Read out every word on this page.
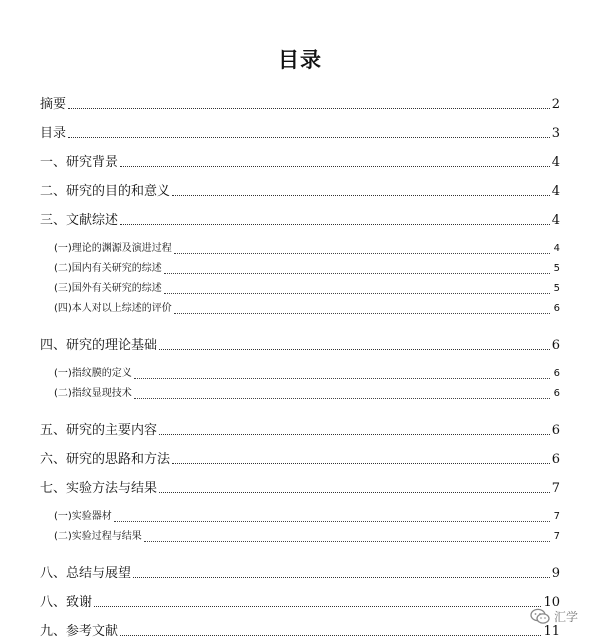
目录
摘要	2
目录	3
一、研究背景	4
二、研究的目的和意义	4
三、文献综述	4
(一)理论的渊源及演进过程	4
(二)国内有关研究的综述	5
(三)国外有关研究的综述	5
(四)本人对以上综述的评价	6
四、研究的理论基础	6
(一)指纹膜的定义	6
(二)指纹显现技术	6
五、研究的主要内容	6
六、研究的思路和方法	6
七、实验方法与结果	7
(一)实验器材	7
(二)实验过程与结果	7
八、总结与展望	9
八、致谢	10
九、参考文献	11
汇学
